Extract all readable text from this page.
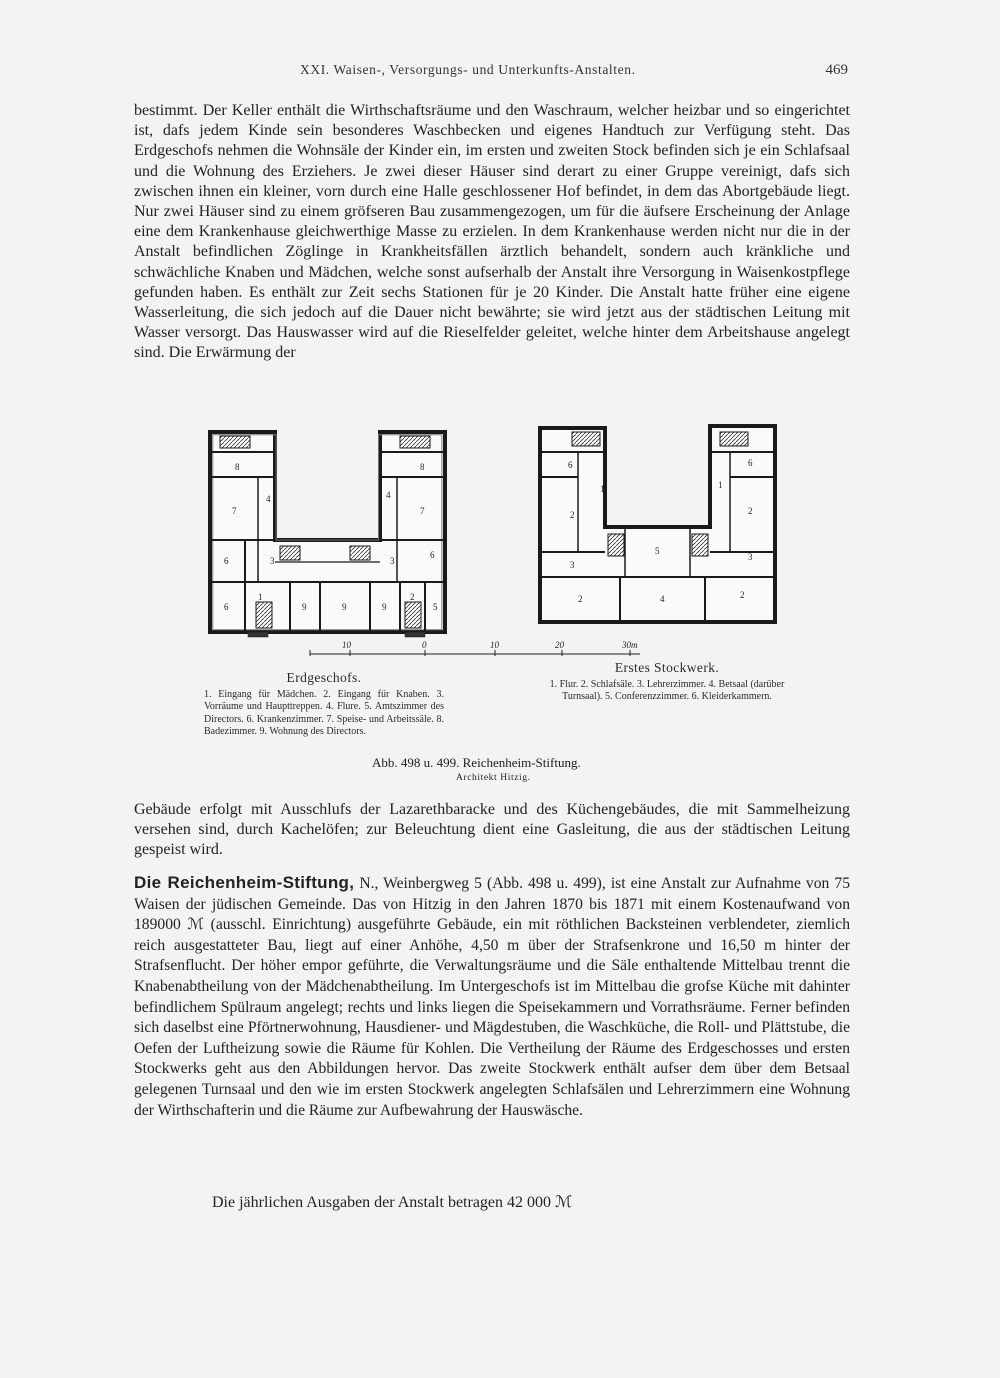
XXI. Waisen-, Versorgungs- und Unterkunfts-Anstalten.	469

bestimmt. Der Keller enthält die Wirthschaftsräume und den Waschraum, welcher heizbar und so eingerichtet ist, dafs jedem Kinde sein besonderes Waschbecken und eigenes Handtuch zur Verfügung steht. Das Erdgeschofs nehmen die Wohnsäle der Kinder ein, im ersten und zweiten Stock befinden sich je ein Schlafsaal und die Wohnung des Erziehers. Je zwei dieser Häuser sind derart zu einer Gruppe vereinigt, dafs sich zwischen ihnen ein kleiner, vorn durch eine Halle geschlossener Hof befindet, in dem das Abortgebäude liegt. Nur zwei Häuser sind zu einem gröfseren Bau zusammengezogen, um für die äufsere Erscheinung der Anlage eine dem Krankenhause gleichwerthige Masse zu erzielen. In dem Krankenhause werden nicht nur die in der Anstalt befindlichen Zöglinge in Krankheitsfällen ärztlich behandelt, sondern auch kränkliche und schwächliche Knaben und Mädchen, welche sonst aufserhalb der Anstalt ihre Versorgung in Waisenkostpflege gefunden haben. Es enthält zur Zeit sechs Stationen für je 20 Kinder. Die Anstalt hatte früher eine eigene Wasserleitung, die sich jedoch auf die Dauer nicht bewährte; sie wird jetzt aus der städtischen Leitung mit Wasser versorgt. Das Hauswasser wird auf die Rieselfelder geleitet, welche hinter dem Arbeitshause angelegt sind. Die Erwärmung der

8
4
7
6	3	3
6
6
1
9	9	9
2
5
8
4
7
6
1
2
3
2
5
4
6
1
2
3
2
10	0	10	20	30m
Erdgeschofs.
1. Eingang für Mädchen. 2. Eingang für Knaben. 3. Vorräume und Haupttreppen. 4. Flure. 5. Amtszimmer des Directors. 6. Krankenzimmer. 7. Speise- und Arbeitssäle. 8. Badezimmer. 9. Wohnung des Directors.
Erstes Stockwerk.
1. Flur. 2. Schlafsäle. 3. Lehrerzimmer. 4. Betsaal (darüber Turnsaal). 5. Conferenzzimmer. 6. Kleiderkammern.
Abb. 498 u. 499. Reichenheim-Stiftung.
Architekt Hitzig.

Gebäude erfolgt mit Ausschlufs der Lazarethbaracke und des Küchengebäudes, die mit Sammelheizung versehen sind, durch Kachelöfen; zur Beleuchtung dient eine Gasleitung, die aus der städtischen Leitung gespeist wird.

Die Reichenheim-Stiftung, N., Weinbergweg 5 (Abb. 498 u. 499), ist eine Anstalt zur Aufnahme von 75 Waisen der jüdischen Gemeinde. Das von Hitzig in den Jahren 1870 bis 1871 mit einem Kostenaufwand von 189000 ℳ (ausschl. Einrichtung) ausgeführte Gebäude, ein mit röthlichen Backsteinen verblendeter, ziemlich reich ausgestatteter Bau, liegt auf einer Anhöhe, 4,50 m über der Strafsenkrone und 16,50 m hinter der Strafsenflucht. Der höher empor geführte, die Verwaltungsräume und die Säle enthaltende Mittelbau trennt die Knabenabtheilung von der Mädchenabtheilung. Im Untergeschofs ist im Mittelbau die grofse Küche mit dahinter befindlichem Spülraum angelegt; rechts und links liegen die Speisekammern und Vorrathsräume. Ferner befinden sich daselbst eine Pförtnerwohnung, Hausdiener- und Mägdestuben, die Waschküche, die Roll- und Plättstube, die Oefen der Luftheizung sowie die Räume für Kohlen. Die Vertheilung der Räume des Erdgeschosses und ersten Stockwerks geht aus den Abbildungen hervor. Das zweite Stockwerk enthält aufser dem über dem Betsaal gelegenen Turnsaal und den wie im ersten Stockwerk angelegten Schlafsälen und Lehrerzimmern eine Wohnung der Wirthschafterin und die Räume zur Aufbewahrung der Hauswäsche.

Die jährlichen Ausgaben der Anstalt betragen 42 000 ℳ
